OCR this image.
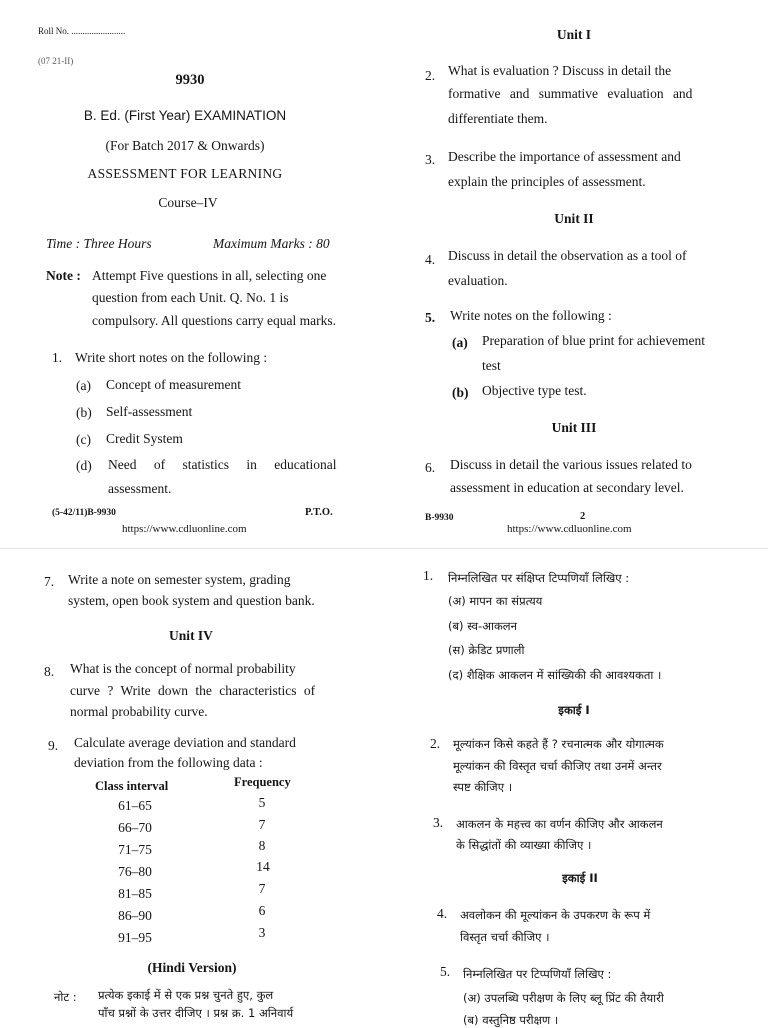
Roll No. ........................
(07 21-II)
9930
B. Ed. (First Year) EXAMINATION
(For Batch 2017 & Onwards)
ASSESSMENT FOR LEARNING
Course–IV
Time : Three Hours	Maximum Marks : 80
Note : Attempt Five questions in all, selecting one
question from each Unit. Q. No. 1 is
compulsory. All questions carry equal marks.
1. Write short notes on the following :
(a) Concept of measurement
(b) Self-assessment
(c) Credit System
(d) Need of statistics in educational
assessment.
(5-42/11)B-9930	P.T.O.
https://www.cdluonline.com
Unit I
2. What is evaluation ? Discuss in detail the
formative and summative evaluation and
differentiate them.
3. Describe the importance of assessment and
explain the principles of assessment.
Unit II
4. Discuss in detail the observation as a tool of
evaluation.
5. Write notes on the following :
(a) Preparation of blue print for achievement
test
(b) Objective type test.
Unit III
6. Discuss in detail the various issues related to
assessment in education at secondary level.
B-9930	2
https://www.cdluonline.com
7. Write a note on semester system, grading
system, open book system and question bank.
Unit IV
8. What is the concept of normal probability
curve ? Write down the characteristics of
normal probability curve.
9. Calculate average deviation and standard
deviation from the following data :
Class interval	Frequency
61–65	5
66–70	7
71–75	8
76–80	14
81–85	7
86–90	6
91–95	3
(Hindi Version)
नोट : प्रत्येक इकाई में से एक प्रश्न चुनते हुए, कुल
पाँच प्रश्नों के उत्तर दीजिए । प्रश्न क्र. 1 अनिवार्य
1. निम्नलिखित पर संक्षिप्त टिप्पणियाँ लिखिए :
(अ) मापन का संप्रत्यय
(ब) स्व-आकलन
(स) क्रेडिट प्रणाली
(द) शैक्षिक आकलन में सांख्यिकी की आवश्यकता ।
इकाई I
2. मूल्यांकन किसे कहते हैं ? रचनात्मक और योगात्मक
मूल्यांकन की विस्तृत चर्चा कीजिए तथा उनमें अन्तर
स्पष्ट कीजिए ।
3. आकलन के महत्त्व का वर्णन कीजिए और आकलन
के सिद्धांतों की व्याख्या कीजिए ।
इकाई II
4. अवलोकन की मूल्यांकन के उपकरण के रूप में
विस्तृत चर्चा कीजिए ।
5. निम्नलिखित पर टिप्पणियाँ लिखिए :
(अ) उपलब्धि परीक्षण के लिए ब्लू प्रिंट की तैयारी
(ब) वस्तुनिष्ठ परीक्षण ।
